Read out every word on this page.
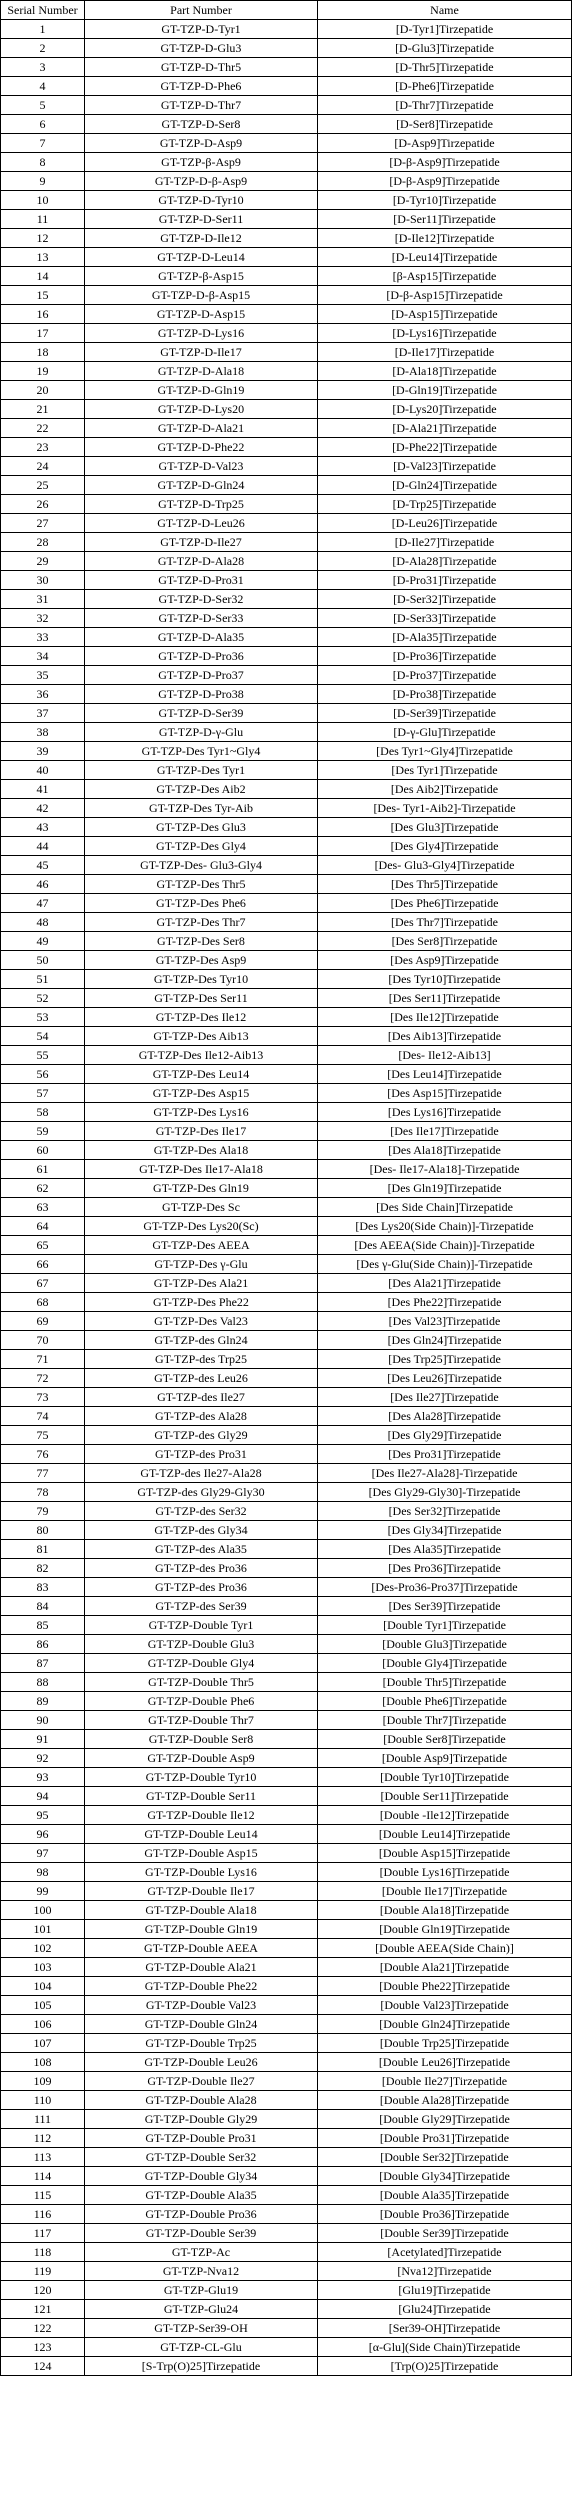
Serial Number	Part Number	Name
1	GT-TZP-D-Tyr1	[D-Tyr1]Tirzepatide
2	GT-TZP-D-Glu3	[D-Glu3]Tirzepatide
3	GT-TZP-D-Thr5	[D-Thr5]Tirzepatide
4	GT-TZP-D-Phe6	[D-Phe6]Tirzepatide
5	GT-TZP-D-Thr7	[D-Thr7]Tirzepatide
6	GT-TZP-D-Ser8	[D-Ser8]Tirzepatide
7	GT-TZP-D-Asp9	[D-Asp9]Tirzepatide
8	GT-TZP-β-Asp9	[D-β-Asp9]Tirzepatide
9	GT-TZP-D-β-Asp9	[D-β-Asp9]Tirzepatide
10	GT-TZP-D-Tyr10	[D-Tyr10]Tirzepatide
11	GT-TZP-D-Ser11	[D-Ser11]Tirzepatide
12	GT-TZP-D-Ile12	[D-Ile12]Tirzepatide
13	GT-TZP-D-Leu14	[D-Leu14]Tirzepatide
14	GT-TZP-β-Asp15	[β-Asp15]Tirzepatide
15	GT-TZP-D-β-Asp15	[D-β-Asp15]Tirzepatide
16	GT-TZP-D-Asp15	[D-Asp15]Tirzepatide
17	GT-TZP-D-Lys16	[D-Lys16]Tirzepatide
18	GT-TZP-D-Ile17	[D-Ile17]Tirzepatide
19	GT-TZP-D-Ala18	[D-Ala18]Tirzepatide
20	GT-TZP-D-Gln19	[D-Gln19]Tirzepatide
21	GT-TZP-D-Lys20	[D-Lys20]Tirzepatide
22	GT-TZP-D-Ala21	[D-Ala21]Tirzepatide
23	GT-TZP-D-Phe22	[D-Phe22]Tirzepatide
24	GT-TZP-D-Val23	[D-Val23]Tirzepatide
25	GT-TZP-D-Gln24	[D-Gln24]Tirzepatide
26	GT-TZP-D-Trp25	[D-Trp25]Tirzepatide
27	GT-TZP-D-Leu26	[D-Leu26]Tirzepatide
28	GT-TZP-D-Ile27	[D-Ile27]Tirzepatide
29	GT-TZP-D-Ala28	[D-Ala28]Tirzepatide
30	GT-TZP-D-Pro31	[D-Pro31]Tirzepatide
31	GT-TZP-D-Ser32	[D-Ser32]Tirzepatide
32	GT-TZP-D-Ser33	[D-Ser33]Tirzepatide
33	GT-TZP-D-Ala35	[D-Ala35]Tirzepatide
34	GT-TZP-D-Pro36	[D-Pro36]Tirzepatide
35	GT-TZP-D-Pro37	[D-Pro37]Tirzepatide
36	GT-TZP-D-Pro38	[D-Pro38]Tirzepatide
37	GT-TZP-D-Ser39	[D-Ser39]Tirzepatide
38	GT-TZP-D-γ-Glu	[D-γ-Glu]Tirzepatide
39	GT-TZP-Des Tyr1~Gly4	[Des Tyr1~Gly4]Tirzepatide
40	GT-TZP-Des Tyr1	[Des Tyr1]Tirzepatide
41	GT-TZP-Des Aib2	[Des Aib2]Tirzepatide
42	GT-TZP-Des Tyr-Aib	[Des- Tyr1-Aib2]-Tirzepatide
43	GT-TZP-Des Glu3	[Des Glu3]Tirzepatide
44	GT-TZP-Des Gly4	[Des Gly4]Tirzepatide
45	GT-TZP-Des- Glu3-Gly4	[Des- Glu3-Gly4]Tirzepatide
46	GT-TZP-Des Thr5	[Des Thr5]Tirzepatide
47	GT-TZP-Des Phe6	[Des Phe6]Tirzepatide
48	GT-TZP-Des Thr7	[Des Thr7]Tirzepatide
49	GT-TZP-Des Ser8	[Des Ser8]Tirzepatide
50	GT-TZP-Des Asp9	[Des Asp9]Tirzepatide
51	GT-TZP-Des Tyr10	[Des Tyr10]Tirzepatide
52	GT-TZP-Des Ser11	[Des Ser11]Tirzepatide
53	GT-TZP-Des Ile12	[Des Ile12]Tirzepatide
54	GT-TZP-Des Aib13	[Des Aib13]Tirzepatide
55	GT-TZP-Des Ile12-Aib13	[Des- Ile12-Aib13]
56	GT-TZP-Des Leu14	[Des Leu14]Tirzepatide
57	GT-TZP-Des Asp15	[Des Asp15]Tirzepatide
58	GT-TZP-Des Lys16	[Des Lys16]Tirzepatide
59	GT-TZP-Des Ile17	[Des Ile17]Tirzepatide
60	GT-TZP-Des Ala18	[Des Ala18]Tirzepatide
61	GT-TZP-Des Ile17-Ala18	[Des- Ile17-Ala18]-Tirzepatide
62	GT-TZP-Des Gln19	[Des Gln19]Tirzepatide
63	GT-TZP-Des Sc	[Des Side Chain]Tirzepatide
64	GT-TZP-Des Lys20(Sc)	[Des Lys20(Side Chain)]-Tirzepatide
65	GT-TZP-Des AEEA	[Des AEEA(Side Chain)]-Tirzepatide
66	GT-TZP-Des γ-Glu	[Des γ-Glu(Side Chain)]-Tirzepatide
67	GT-TZP-Des Ala21	[Des Ala21]Tirzepatide
68	GT-TZP-Des Phe22	[Des Phe22]Tirzepatide
69	GT-TZP-Des Val23	[Des Val23]Tirzepatide
70	GT-TZP-des Gln24	[Des Gln24]Tirzepatide
71	GT-TZP-des Trp25	[Des Trp25]Tirzepatide
72	GT-TZP-des Leu26	[Des Leu26]Tirzepatide
73	GT-TZP-des Ile27	[Des Ile27]Tirzepatide
74	GT-TZP-des Ala28	[Des Ala28]Tirzepatide
75	GT-TZP-des Gly29	[Des Gly29]Tirzepatide
76	GT-TZP-des Pro31	[Des Pro31]Tirzepatide
77	GT-TZP-des Ile27-Ala28	[Des Ile27-Ala28]-Tirzepatide
78	GT-TZP-des Gly29-Gly30	[Des Gly29-Gly30]-Tirzepatide
79	GT-TZP-des Ser32	[Des Ser32]Tirzepatide
80	GT-TZP-des Gly34	[Des Gly34]Tirzepatide
81	GT-TZP-des Ala35	[Des Ala35]Tirzepatide
82	GT-TZP-des Pro36	[Des Pro36]Tirzepatide
83	GT-TZP-des Pro36	[Des-Pro36-Pro37]Tirzepatide
84	GT-TZP-des Ser39	[Des Ser39]Tirzepatide
85	GT-TZP-Double Tyr1	[Double Tyr1]Tirzepatide
86	GT-TZP-Double Glu3	[Double Glu3]Tirzepatide
87	GT-TZP-Double Gly4	[Double Gly4]Tirzepatide
88	GT-TZP-Double Thr5	[Double Thr5]Tirzepatide
89	GT-TZP-Double Phe6	[Double Phe6]Tirzepatide
90	GT-TZP-Double Thr7	[Double Thr7]Tirzepatide
91	GT-TZP-Double Ser8	[Double Ser8]Tirzepatide
92	GT-TZP-Double Asp9	[Double Asp9]Tirzepatide
93	GT-TZP-Double Tyr10	[Double Tyr10]Tirzepatide
94	GT-TZP-Double Ser11	[Double Ser11]Tirzepatide
95	GT-TZP-Double Ile12	[Double -Ile12]Tirzepatide
96	GT-TZP-Double Leu14	[Double Leu14]Tirzepatide
97	GT-TZP-Double Asp15	[Double Asp15]Tirzepatide
98	GT-TZP-Double Lys16	[Double Lys16]Tirzepatide
99	GT-TZP-Double Ile17	[Double Ile17]Tirzepatide
100	GT-TZP-Double Ala18	[Double Ala18]Tirzepatide
101	GT-TZP-Double Gln19	[Double Gln19]Tirzepatide
102	GT-TZP-Double AEEA	[Double AEEA(Side Chain)]
103	GT-TZP-Double Ala21	[Double Ala21]Tirzepatide
104	GT-TZP-Double Phe22	[Double Phe22]Tirzepatide
105	GT-TZP-Double Val23	[Double Val23]Tirzepatide
106	GT-TZP-Double Gln24	[Double Gln24]Tirzepatide
107	GT-TZP-Double Trp25	[Double Trp25]Tirzepatide
108	GT-TZP-Double Leu26	[Double Leu26]Tirzepatide
109	GT-TZP-Double Ile27	[Double Ile27]Tirzepatide
110	GT-TZP-Double Ala28	[Double Ala28]Tirzepatide
111	GT-TZP-Double Gly29	[Double Gly29]Tirzepatide
112	GT-TZP-Double Pro31	[Double Pro31]Tirzepatide
113	GT-TZP-Double Ser32	[Double Ser32]Tirzepatide
114	GT-TZP-Double Gly34	[Double Gly34]Tirzepatide
115	GT-TZP-Double Ala35	[Double Ala35]Tirzepatide
116	GT-TZP-Double Pro36	[Double Pro36]Tirzepatide
117	GT-TZP-Double Ser39	[Double Ser39]Tirzepatide
118	GT-TZP-Ac	[Acetylated]Tirzepatide
119	GT-TZP-Nva12	[Nva12]Tirzepatide
120	GT-TZP-Glu19	[Glu19]Tirzepatide
121	GT-TZP-Glu24	[Glu24]Tirzepatide
122	GT-TZP-Ser39-OH	[Ser39-OH]Tirzepatide
123	GT-TZP-CL-Glu	[α-Glu](Side Chain)Tirzepatide
124	[S-Trp(O)25]Tirzepatide	[Trp(O)25]Tirzepatide
